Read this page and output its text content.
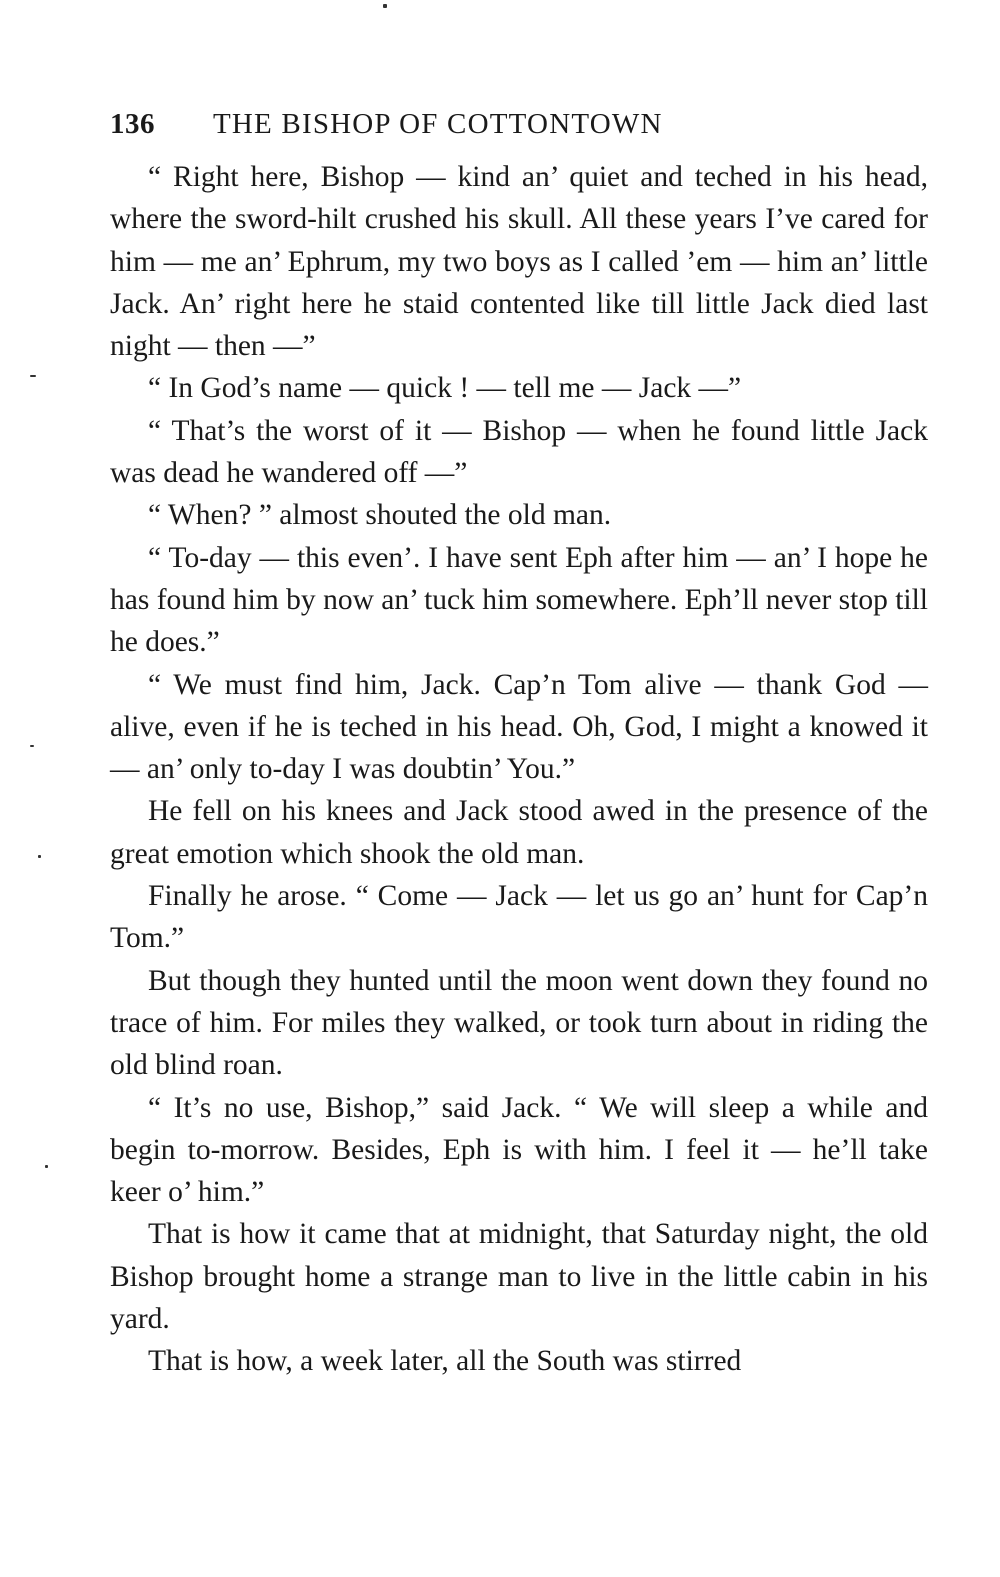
136 THE BISHOP OF COTTONTOWN

“ Right here, Bishop — kind an’ quiet and teched in his head, where the sword-hilt crushed his skull. All these years I’ve cared for him — me an’ Ephrum, my two boys as I called ’em — him an’ little Jack. An’ right here he staid contented like till little Jack died last night — then —”

“ In God’s name — quick ! — tell me — Jack —”

“ That’s the worst of it — Bishop — when he found little Jack was dead he wandered off —”

“ When? ” almost shouted the old man.

“ To-day — this even’. I have sent Eph after him — an’ I hope he has found him by now an’ tuck him somewhere. Eph’ll never stop till he does.”

“ We must find him, Jack. Cap’n Tom alive — thank God — alive, even if he is teched in his head. Oh, God, I might a knowed it — an’ only to-day I was doubtin’ You.”

He fell on his knees and Jack stood awed in the presence of the great emotion which shook the old man.

Finally he arose. “ Come — Jack — let us go an’ hunt for Cap’n Tom.”

But though they hunted until the moon went down they found no trace of him. For miles they walked, or took turn about in riding the old blind roan.

“ It’s no use, Bishop,” said Jack. “ We will sleep a while and begin to-morrow. Besides, Eph is with him. I feel it — he’ll take keer o’ him.”

That is how it came that at midnight, that Saturday night, the old Bishop brought home a strange man to live in the little cabin in his yard.

That is how, a week later, all the South was stirred
